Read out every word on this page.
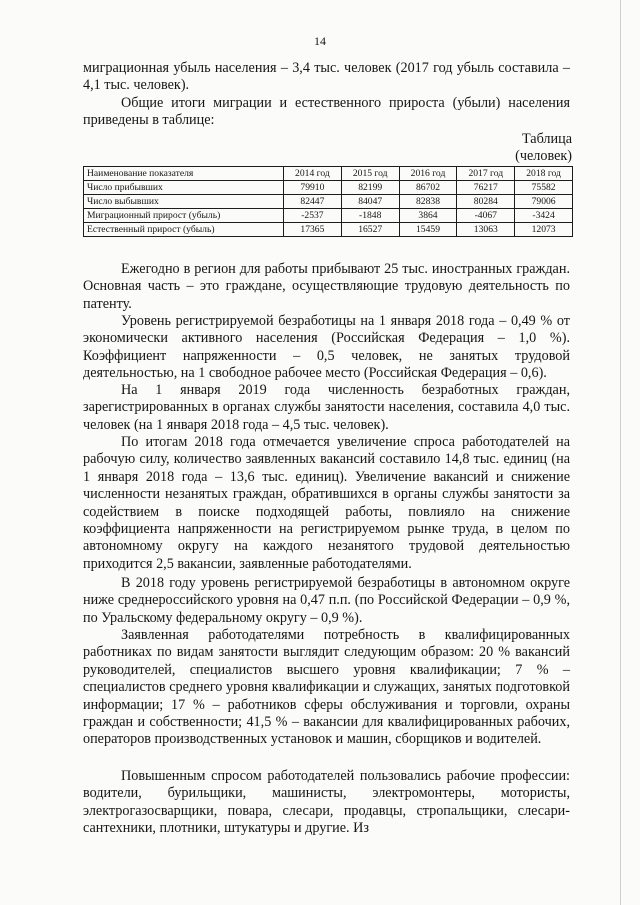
14

миграционная убыль населения – 3,4 тыс. человек (2017 год убыль составила – 4,1 тыс. человек).

Общие итоги миграции и естественного прироста (убыли) населения приведены в таблице:

Таблица
(человек)
Наименование показателя	2014 год	2015 год	2016 год	2017 год	2018 год
Число прибывших	79910	82199	86702	76217	75582
Число выбывших	82447	84047	82838	80284	79006
Миграционный прирост (убыль)	-2537	-1848	3864	-4067	-3424
Естественный прирост (убыль)	17365	16527	15459	13063	12073

Ежегодно в регион для работы прибывают 25 тыс. иностранных граждан. Основная часть – это граждане, осуществляющие трудовую деятельность по патенту.

Уровень регистрируемой безработицы на 1 января 2018 года – 0,49 % от экономически активного населения (Российская Федерация – 1,0 %). Коэффициент напряженности – 0,5 человек, не занятых трудовой деятельностью, на 1 свободное рабочее место (Российская Федерация – 0,6).

На 1 января 2019 года численность безработных граждан, зарегистрированных в органах службы занятости населения, составила 4,0 тыс. человек (на 1 января 2018 года – 4,5 тыс. человек).

По итогам 2018 года отмечается увеличение спроса работодателей на рабочую силу, количество заявленных вакансий составило 14,8 тыс. единиц (на 1 января 2018 года – 13,6 тыс. единиц). Увеличение вакансий и снижение численности незанятых граждан, обратившихся в органы службы занятости за содействием в поиске подходящей работы, повлияло на снижение коэффициента напряженности на регистрируемом рынке труда, в целом по автономному округу на каждого незанятого трудовой деятельностью приходится 2,5 вакансии, заявленные работодателями.

В 2018 году уровень регистрируемой безработицы в автономном округе ниже среднероссийского уровня на 0,47 п.п. (по Российской Федерации – 0,9 %, по Уральскому федеральному округу – 0,9 %).

Заявленная работодателями потребность в квалифицированных работниках по видам занятости выглядит следующим образом: 20 % вакансий руководителей, специалистов высшего уровня квалификации; 7 % – специалистов среднего уровня квалификации и служащих, занятых подготовкой информации; 17 % – работников сферы обслуживания и торговли, охраны граждан и собственности; 41,5 % – вакансии для квалифицированных рабочих, операторов производственных установок и машин, сборщиков и водителей.

Повышенным спросом работодателей пользовались рабочие профессии: водители, бурильщики, машинисты, электромонтеры, мотористы, электрогазосварщики, повара, слесари, продавцы, стропальщики, слесари-сантехники, плотники, штукатуры и другие. Из
